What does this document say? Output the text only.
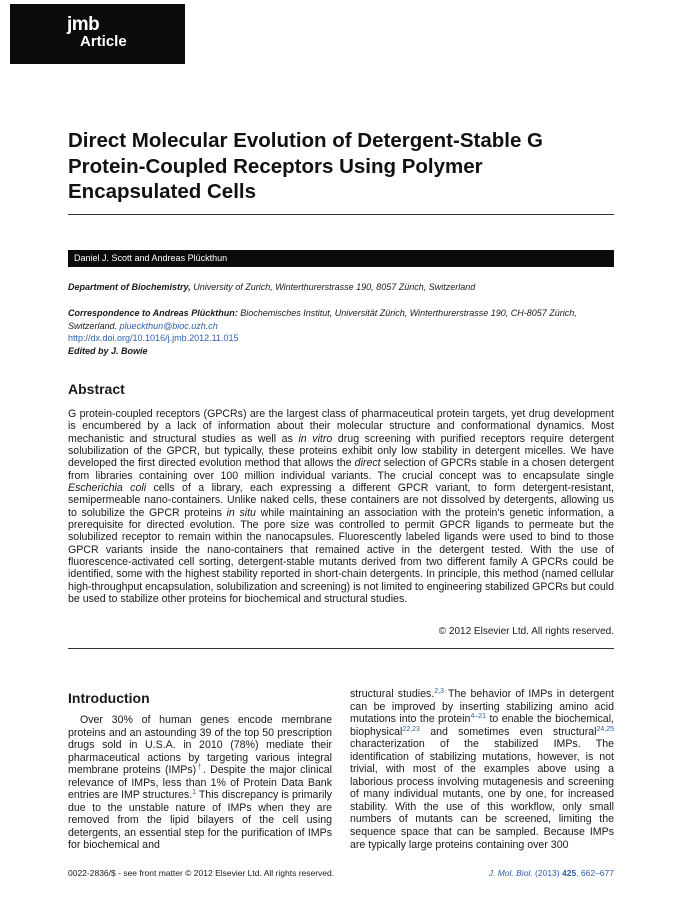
jmb
Article
Direct Molecular Evolution of Detergent-Stable G Protein-Coupled Receptors Using Polymer Encapsulated Cells
Daniel J. Scott and Andreas Plückthun
Department of Biochemistry, University of Zurich, Winterthurerstrasse 190, 8057 Zürich, Switzerland
Correspondence to Andreas Plückthun: Biochemisches Institut, Universität Zürich, Winterthurerstrasse 190, CH-8057 Zürich, Switzerland. plueckthun@bioc.uzh.ch
http://dx.doi.org/10.1016/j.jmb.2012.11.015
Edited by J. Bowie
Abstract
G protein-coupled receptors (GPCRs) are the largest class of pharmaceutical protein targets, yet drug development is encumbered by a lack of information about their molecular structure and conformational dynamics. Most mechanistic and structural studies as well as in vitro drug screening with purified receptors require detergent solubilization of the GPCR, but typically, these proteins exhibit only low stability in detergent micelles. We have developed the first directed evolution method that allows the direct selection of GPCRs stable in a chosen detergent from libraries containing over 100 million individual variants. The crucial concept was to encapsulate single Escherichia coli cells of a library, each expressing a different GPCR variant, to form detergent-resistant, semipermeable nano-containers. Unlike naked cells, these containers are not dissolved by detergents, allowing us to solubilize the GPCR proteins in situ while maintaining an association with the protein's genetic information, a prerequisite for directed evolution. The pore size was controlled to permit GPCR ligands to permeate but the solubilized receptor to remain within the nanocapsules. Fluorescently labeled ligands were used to bind to those GPCR variants inside the nano-containers that remained active in the detergent tested. With the use of fluorescence-activated cell sorting, detergent-stable mutants derived from two different family A GPCRs could be identified, some with the highest stability reported in short-chain detergents. In principle, this method (named cellular high-throughput encapsulation, solubilization and screening) is not limited to engineering stabilized GPCRs but could be used to stabilize other proteins for biochemical and structural studies.
© 2012 Elsevier Ltd. All rights reserved.
Introduction
Over 30% of human genes encode membrane proteins and an astounding 39 of the top 50 prescription drugs sold in U.S.A. in 2010 (78%) mediate their pharmaceutical actions by targeting various integral membrane proteins (IMPs)†. Despite the major clinical relevance of IMPs, less than 1% of Protein Data Bank entries are IMP structures.$^1$ This discrepancy is primarily due to the unstable nature of IMPs when they are removed from the lipid bilayers of the cell using detergents, an essential step for the purification of IMPs for biochemical and
structural studies.$^{2,3}$ The behavior of IMPs in detergent can be improved by inserting stabilizing amino acid mutations into the protein$^{4-21}$ to enable the biochemical, biophysical$^{22,23}$ and sometimes even structural$^{24,25}$ characterization of the stabilized IMPs. The identification of stabilizing mutations, however, is not trivial, with most of the examples above using a laborious process involving mutagenesis and screening of many individual mutants, one by one, for increased stability. With the use of this workflow, only small numbers of mutants can be screened, limiting the sequence space that can be sampled. Because IMPs are typically large proteins containing over 300
0022-2836/$ - see front matter © 2012 Elsevier Ltd. All rights reserved.	J. Mol. Biol. (2013) 425, 662–677
